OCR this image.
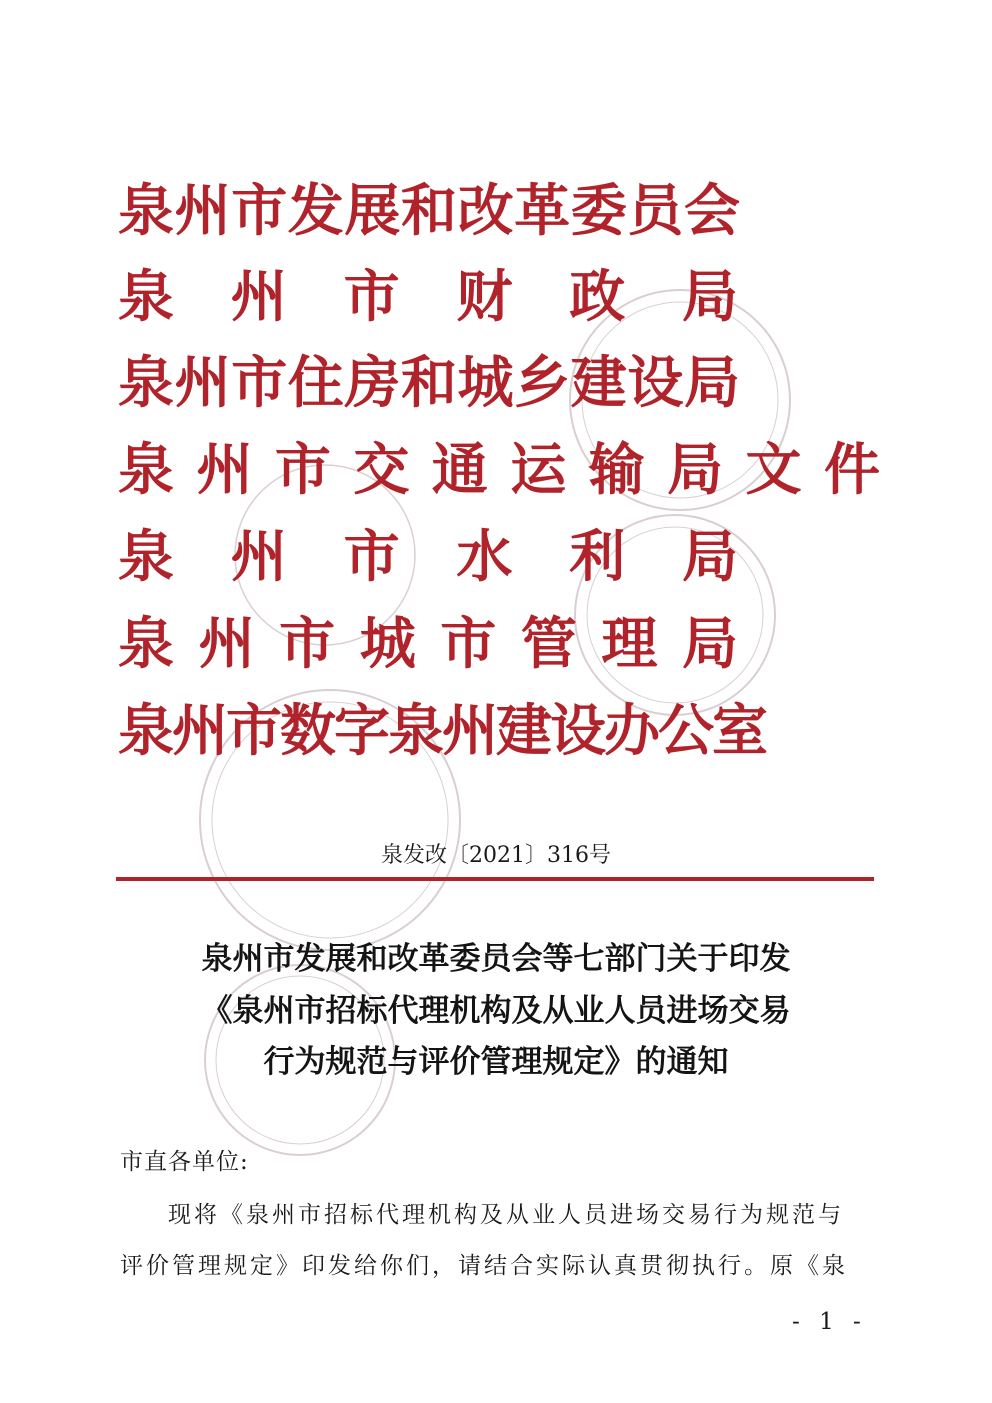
泉 州 市 发 展 和 改 革 委 员 会
泉 州 市 财 政 局
泉 州 市 住 房 和 城 乡 建 设 局
泉 州 市 交 通 运 输 局 文 件
泉 州 市 水 利 局
泉 州 市 城 市 管 理 局
泉 州 市 数 字 泉 州 建 设 办 公 室
泉发改〔2021〕316号
泉州市发展和改革委员会等七部门关于印发
《泉州市招标代理机构及从业人员进场交易
行为规范与评价管理规定》的通知
市直各单位:
现将《泉州市招标代理机构及从业人员进场交易行为规范与
评价管理规定》印发给你们，请结合实际认真贯彻执行。原《泉
- 1 -
